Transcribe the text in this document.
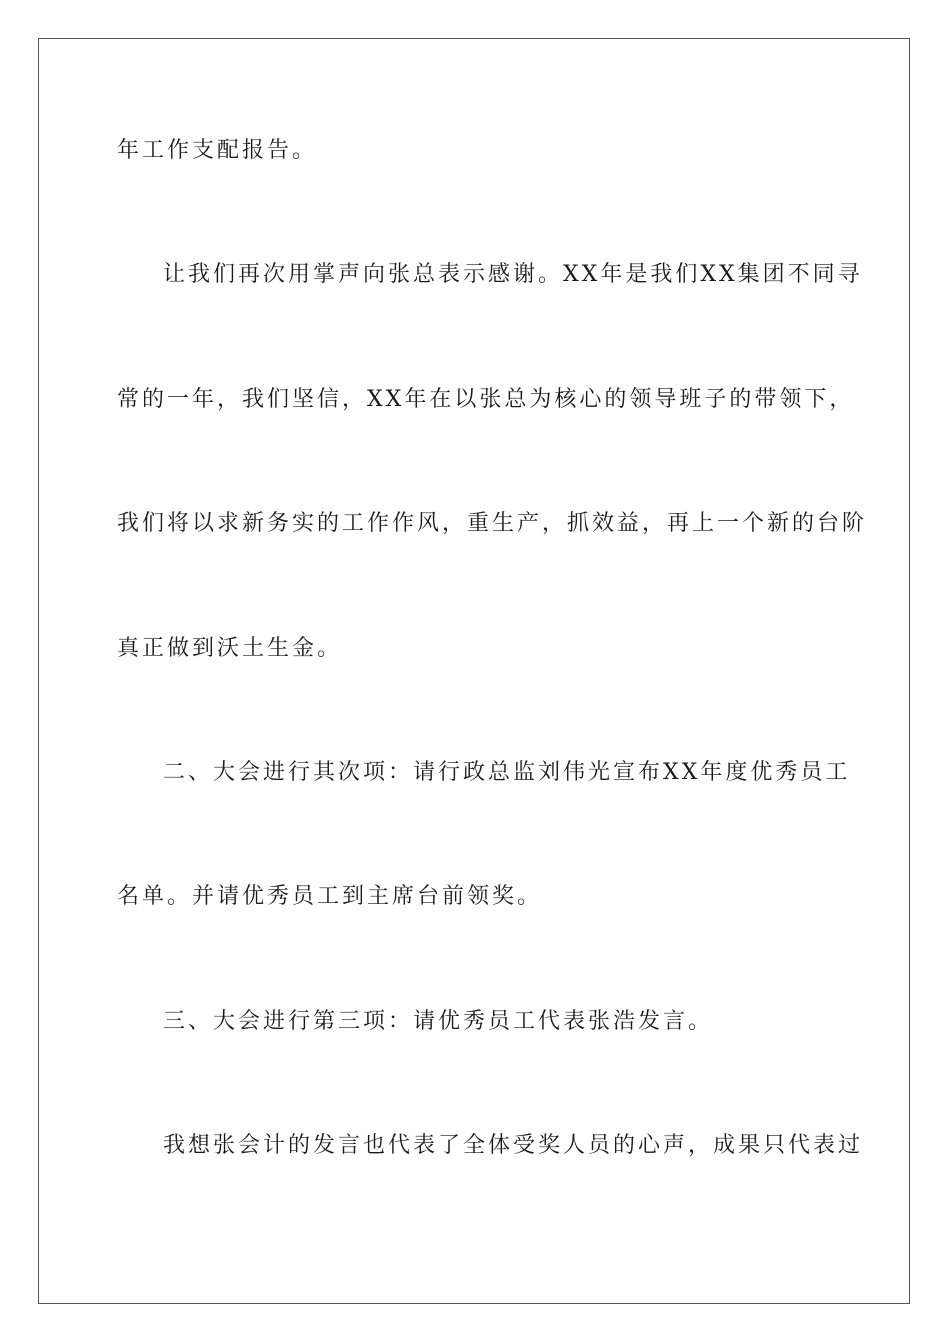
年工作支配报告。
让我们再次用掌声向张总表示感谢。XX年是我们XX集团不同寻
常的一年，我们坚信，XX年在以张总为核心的领导班子的带领下，
我们将以求新务实的工作作风，重生产，抓效益，再上一个新的台阶
真正做到沃土生金。
二、大会进行其次项：请行政总监刘伟光宣布XX年度优秀员工
名单。并请优秀员工到主席台前领奖。
三、大会进行第三项：请优秀员工代表张浩发言。
我想张会计的发言也代表了全体受奖人员的心声，成果只代表过
